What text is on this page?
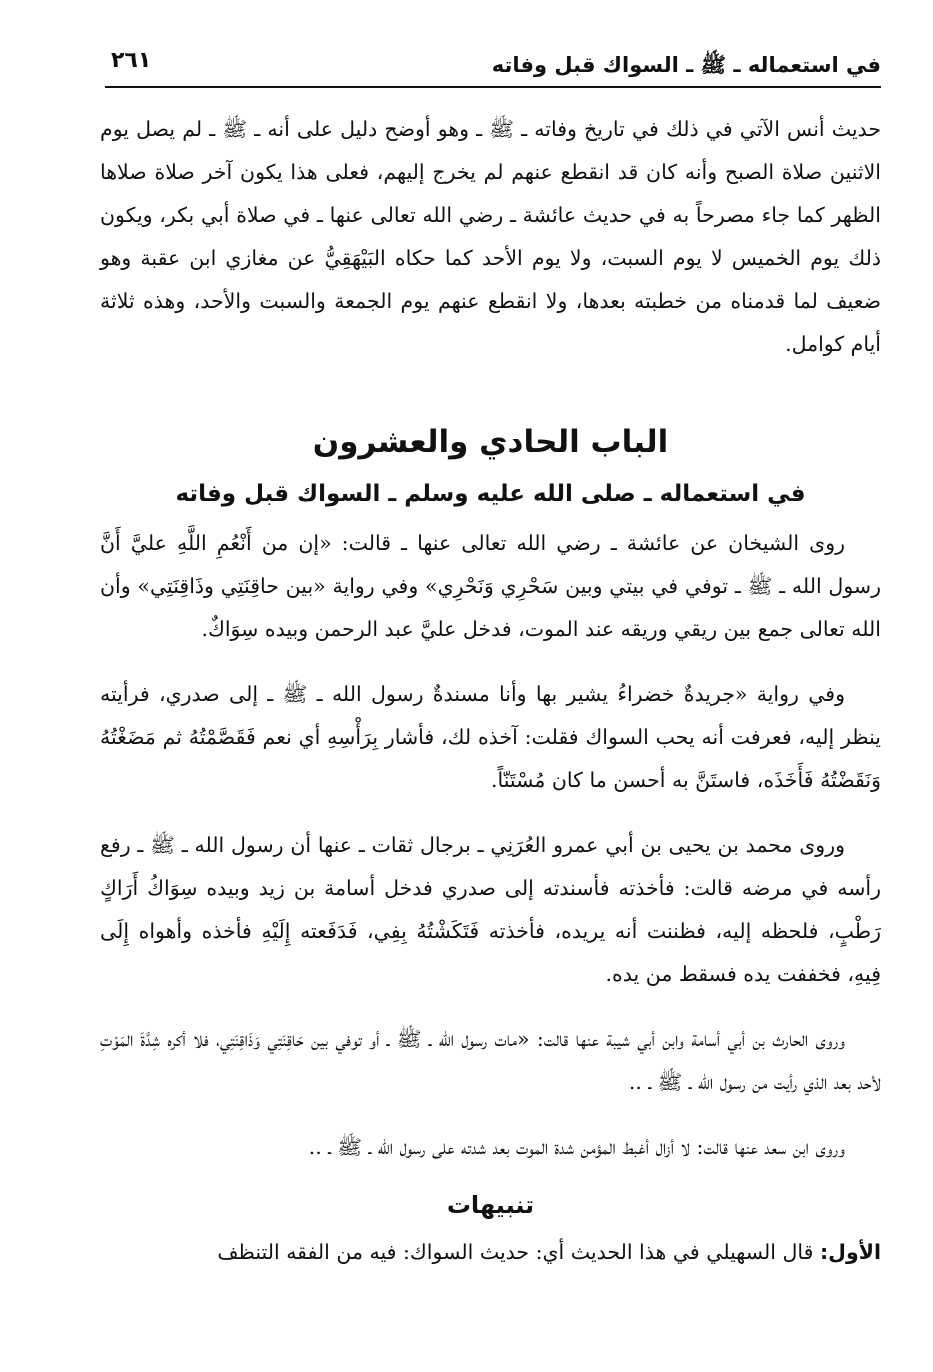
في استعماله ـ ﷺ ـ السواك قبل وفاته
٢٦١

حديث أنس الآتي في ذلك في تاريخ وفاته ـ ﷺ ـ وهو أوضح دليل على أنه ـ ﷺ ـ لم يصل يوم الاثنين صلاة الصبح وأنه كان قد انقطع عنهم لم يخرج إليهم، فعلى هذا يكون آخر صلاة صلاها الظهر كما جاء مصرحاً به في حديث عائشة ـ رضي الله تعالى عنها ـ في صلاة أبي بكر، ويكون ذلك يوم الخميس لا يوم السبت، ولا يوم الأحد كما حكاه البَيْهَقِيُّ عن مغازي ابن عقبة وهو ضعيف لما قدمناه من خطبته بعدها، ولا انقطع عنهم يوم الجمعة والسبت والأحد، وهذه ثلاثة أيام كوامل.

الباب الحادي والعشرون
في استعماله ـ صلى الله عليه وسلم ـ السواك قبل وفاته

روى الشيخان عن عائشة ـ رضي الله تعالى عنها ـ قالت: «إن من أَنْعُمِ اللَّهِ عليَّ أَنَّ رسول الله ـ ﷺ ـ توفي في بيتي وبين سَحْرِي وَنَحْرِي» وفي رواية «بين حاقِنَتِي وذَاقِنَتِي» وأن الله تعالى جمع بين ريقي وريقه عند الموت، فدخل عليَّ عبد الرحمن وبيده سِوَاكٌ.

وفي رواية «جريدةٌ خضراءُ يشير بها وأنا مسندةٌ رسول الله ـ ﷺ ـ إلى صدري، فرأيته ينظر إليه، فعرفت أنه يحب السواك فقلت: آخذه لك، فأشار بِرَأْسِهِ أي نعم فَقَصَّمْتُهُ ثم مَضَغْتُهُ وَنَقَضْتُهُ فَأَخَذَه، فاستَنَّ به أحسن ما كان مُسْتَنّاً.

وروى محمد بن يحيى بن أبي عمرو العُرَنِي ـ برجال ثقات ـ عنها أن رسول الله ـ ﷺ ـ رفع رأسه في مرضه قالت: فأخذته فأسندته إلى صدري فدخل أسامة بن زيد وبيده سِوَاكُ أَرَاكٍ رَطْبٍ، فلحظه إليه، فظننت أنه يريده، فأخذته فَتَكَشْتُهُ بِفِي، فَدَفَعته إِلَيْهِ فأخذه وأهواه إِلَى فِيهِ، فخففت يده فسقط من يده.

وروى الحارث بن أبي أسامة وابن أبي شيبة عنها قالت: «مات رسول الله ـ ﷺ ـ أو توفي بين حَاقِنَتِي وَذَاقِنَتِي، فلا أكره شِدَّةَ المَوْتِ لأحد بعد الذي رأيت من رسول الله ـ ﷺ ـ ..

وروى ابن سعد عنها قالت: لا أزال أغبط المؤمن شدة الموت بعد شدته على رسول الله ـ ﷺ ـ ..

تنبيهات

الأول: قال السهيلي في هذا الحديث أي: حديث السواك: فيه من الفقه التنظف
